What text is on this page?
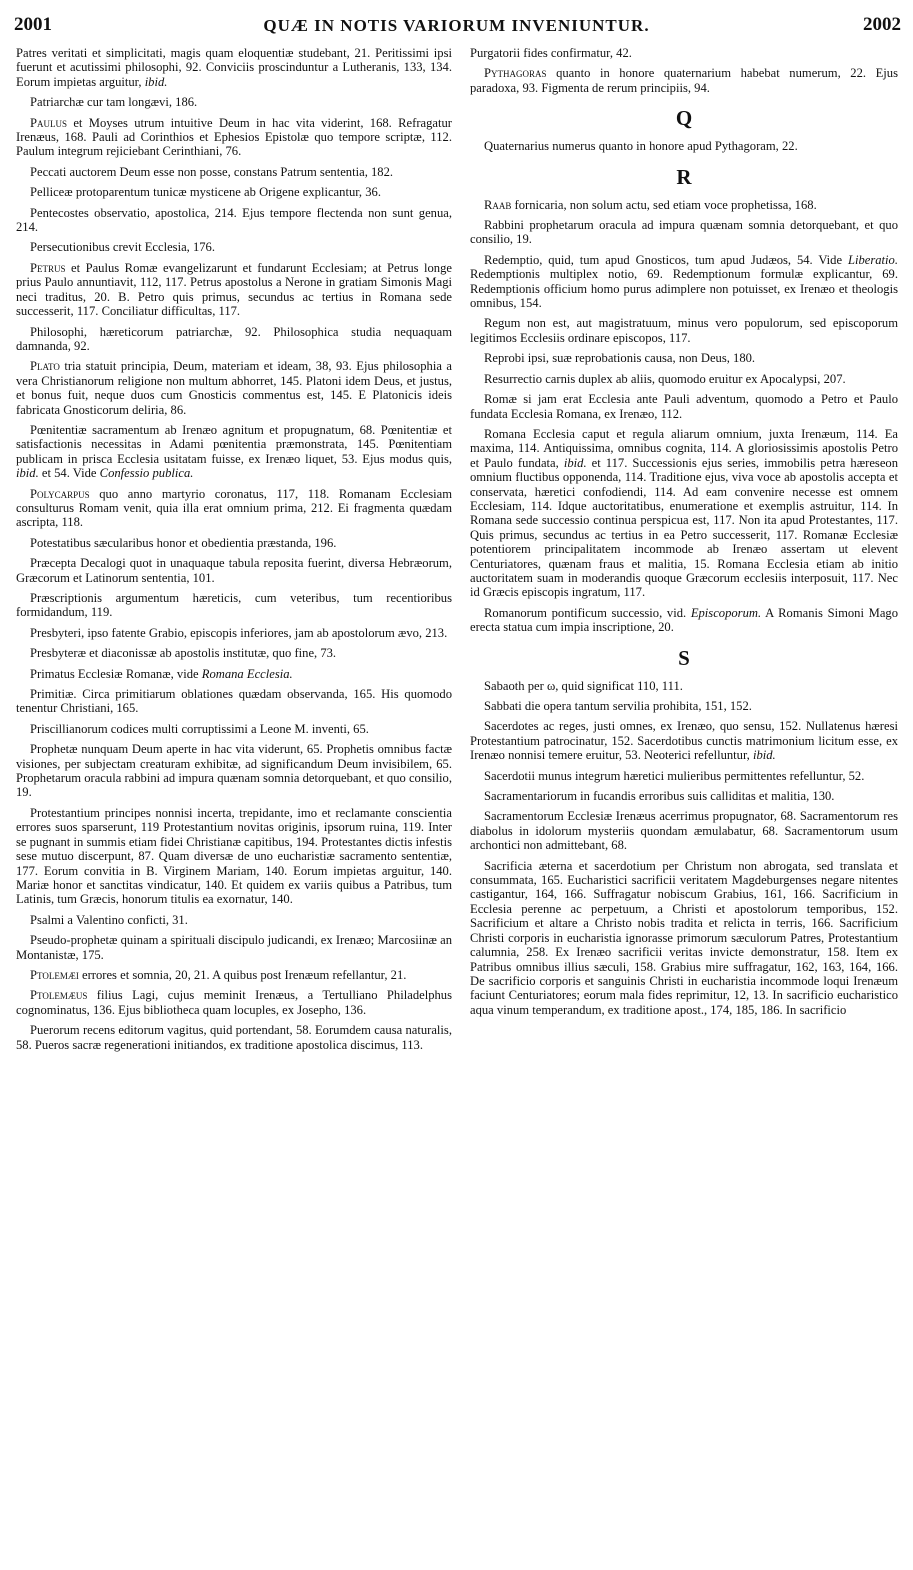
2001	QUÆ IN NOTIS VARIORUM INVENIUNTUR.	2002

Patres veritati et simplicitati, magis quam eloquentiæ studebant, 21. Peritissimi ipsi fuerunt et acutissimi philosophi, 92. Conviciis proscinduntur a Lutheranis, 133, 134. Eorum impietas arguitur, ibid.

Patriarchæ cur tam longævi, 186.

Paulus et Moyses utrum intuitive Deum in hac vita viderint, 168. Refragatur Irenæus, 168. Pauli ad Corinthios et Ephesios Epistolæ quo tempore scriptæ, 112. Paulum integrum rejiciebant Cerinthiani, 76.

Peccati auctorem Deum esse non posse, constans Patrum sententia, 182.

Pelliceæ protoparentum tunicæ mysticene ab Origene explicantur, 36.

Pentecostes observatio, apostolica, 214. Ejus tempore flectenda non sunt genua, 214.

Persecutionibus crevit Ecclesia, 176.

Petrus et Paulus Romæ evangelizarunt et fundarunt Ecclesiam; at Petrus longe prius Paulo annuntiavit, 112, 117. Petrus apostolus a Nerone in gratiam Simonis Magi neci traditus, 20. B. Petro quis primus, secundus ac tertius in Romana sede successerit, 117. Conciliatur difficultas, 117.

Philosophi, hæreticorum patriarchæ, 92. Philosophica studia nequaquam damnanda, 92.

Plato tria statuit principia, Deum, materiam et ideam, 38, 93. Ejus philosophia a vera Christianorum religione non multum abhorret, 145. Platoni idem Deus, et justus, et bonus fuit, neque duos cum Gnosticis commentus est, 145. E Platonicis ideis fabricata Gnosticorum deliria, 86.

Pœnitentiæ sacramentum ab Irenæo agnitum et propugnatum, 68. Pœnitentiæ et satisfactionis necessitas in Adami pœnitentia præmonstrata, 145. Pœnitentiam publicam in prisca Ecclesia usitatam fuisse, ex Irenæo liquet, 53. Ejus modus quis, ibid. et 54. Vide Confessio publica.

Polycarpus quo anno martyrio coronatus, 117, 118. Romanam Ecclesiam consulturus Romam venit, quia illa erat omnium prima, 212. Ei fragmenta quædam ascripta, 118.

Potestatibus sæcularibus honor et obedientia præstanda, 196.

Præcepta Decalogi quot in unaquaque tabula reposita fuerint, diversa Hebræorum, Græcorum et Latinorum sententia, 101.

Præscriptionis argumentum hæreticis, cum veteribus, tum recentioribus formidandum, 119.

Presbyteri, ipso fatente Grabio, episcopis inferiores, jam ab apostolorum ævo, 213.

Presbyteræ et diaconissæ ab apostolis institutæ, quo fine, 73.

Primatus Ecclesiæ Romanæ, vide Romana Ecclesia.

Primitiæ. Circa primitiarum oblationes quædam observanda, 165. His quomodo tenentur Christiani, 165.

Priscillianorum codices multi corruptissimi a Leone M. inventi, 65.

Prophetæ nunquam Deum aperte in hac vita viderunt, 65. Prophetis omnibus factæ visiones, per subjectam creaturam exhibitæ, ad significandum Deum invisibilem, 65. Prophetarum oracula rabbini ad impura quænam somnia detorquebant, et quo consilio, 19.

Protestantium principes nonnisi incerta, trepidante, imo et reclamante conscientia errores suos sparserunt, 119 Protestantium novitas originis, ipsorum ruina, 119. Inter se pugnant in summis etiam fidei Christianæ capitibus, 194. Protestantes dictis infestis sese mutuo discerpunt, 87. Quam diversæ de uno eucharistiæ sacramento sententiæ, 177. Eorum convitia in B. Virginem Mariam, 140. Eorum impietas arguitur, 140. Mariæ honor et sanctitas vindicatur, 140. Et quidem ex variis quibus a Patribus, tum Latinis, tum Græcis, honorum titulis ea exornatur, 140.

Psalmi a Valentino conficti, 31.

Pseudo-prophetæ quinam a spirituali discipulo judicandi, ex Irenæo; Marcosiinæ an Montanistæ, 175.

Ptolemæi errores et somnia, 20, 21. A quibus post Irenæum refellantur, 21.

Ptolemæus filius Lagi, cujus meminit Irenæus, a Tertulliano Philadelphus cognominatus, 136. Ejus bibliotheca quam locuples, ex Josepho, 136.

Puerorum recens editorum vagitus, quid portendant, 58. Eorumdem causa naturalis, 58. Pueros sacræ regenerationi initiandos, ex traditione apostolica discimus, 113.

Purgatorii fides confirmatur, 42.

Pythagoras quanto in honore quaternarium habebat numerum, 22. Ejus paradoxa, 93. Figmenta de rerum principiis, 94.

Q

Quaternarius numerus quanto in honore apud Pythagoram, 22.

R

Raab fornicaria, non solum actu, sed etiam voce prophetissa, 168.

Rabbini prophetarum oracula ad impura quænam somnia detorquebant, et quo consilio, 19.

Redemptio, quid, tum apud Gnosticos, tum apud Judæos, 54. Vide Liberatio. Redemptionis multiplex notio, 69. Redemptionum formulæ explicantur, 69. Redemptionis officium homo purus adimplere non potuisset, ex Irenæo et theologis omnibus, 154.

Regum non est, aut magistratuum, minus vero populorum, sed episcoporum legitimos Ecclesiis ordinare episcopos, 117.

Reprobi ipsi, suæ reprobationis causa, non Deus, 180.

Resurrectio carnis duplex ab aliis, quomodo eruitur ex Apocalypsi, 207.

Romæ si jam erat Ecclesia ante Pauli adventum, quomodo a Petro et Paulo fundata Ecclesia Romana, ex Irenæo, 112.

Romana Ecclesia caput et regula aliarum omnium, juxta Irenæum, 114. Ea maxima, 114. Antiquissima, omnibus cognita, 114. A gloriosissimis apostolis Petro et Paulo fundata, ibid. et 117. Successionis ejus series, immobilis petra hæreseon omnium fluctibus opponenda, 114. Traditione ejus, viva voce ab apostolis accepta et conservata, hæretici confodiendi, 114. Ad eam convenire necesse est omnem Ecclesiam, 114. Idque auctoritatibus, enumeratione et exemplis astruitur, 114. In Romana sede successio continua perspicua est, 117. Non ita apud Protestantes, 117. Quis primus, secundus ac tertius in ea Petro successerit, 117. Romanæ Ecclesiæ potentiorem principalitatem incommode ab Irenæo assertam ut elevent Centuriatores, quænam fraus et malitia, 15. Romana Ecclesia etiam ab initio auctoritatem suam in moderandis quoque Græcorum ecclesiis interposuit, 117. Nec id Græcis episcopis ingratum, 117.

Romanorum pontificum successio, vid. Episcoporum. A Romanis Simoni Mago erecta statua cum impia inscriptione, 20.

S

Sabaoth per ω, quid significat 110, 111.

Sabbati die opera tantum servilia prohibita, 151, 152.

Sacerdotes ac reges, justi omnes, ex Irenæo, quo sensu, 152. Nullatenus hæresi Protestantium patrocinatur, 152. Sacerdotibus cunctis matrimonium licitum esse, ex Irenæo nonnisi temere eruitur, 53. Neoterici refelluntur, ibid.

Sacerdotii munus integrum hæretici mulieribus permittentes refelluntur, 52.

Sacramentariorum in fucandis erroribus suis calliditas et malitia, 130.

Sacramentorum Ecclesiæ Irenæus acerrimus propugnator, 68. Sacramentorum res diabolus in idolorum mysteriis quondam æmulabatur, 68. Sacramentorum usum archontici non admittebant, 68.

Sacrificia æterna et sacerdotium per Christum non abrogata, sed translata et consummata, 165. Eucharistici sacrificii veritatem Magdeburgenses negare nitentes castigantur, 164, 166. Suffragatur nobiscum Grabius, 161, 166. Sacrificium in Ecclesia perenne ac perpetuum, a Christi et apostolorum temporibus, 152. Sacrificium et altare a Christo nobis tradita et relicta in terris, 166. Sacrificium Christi corporis in eucharistia ignorasse primorum sæculorum Patres, Protestantium calumnia, 258. Ex Irenæo sacrificii veritas invicte demonstratur, 158. Item ex Patribus omnibus illius sæculi, 158. Grabius mire suffragatur, 162, 163, 164, 166. De sacrificio corporis et sanguinis Christi in eucharistia incommode loqui Irenæum faciunt Centuriatores; eorum mala fides reprimitur, 12, 13. In sacrificio eucharistico aqua vinum temperandum, ex traditione apost., 174, 185, 186. In sacrificio
